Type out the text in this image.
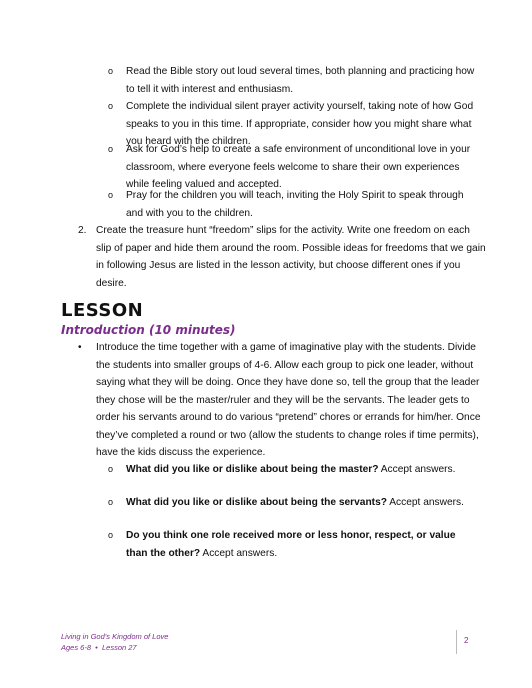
o Read the Bible story out loud several times, both planning and practicing how to tell it with interest and enthusiasm.

o Complete the individual silent prayer activity yourself, taking note of how God speaks to you in this time. If appropriate, consider how you might share what you heard with the children.

o Ask for God’s help to create a safe environment of unconditional love in your classroom, where everyone feels welcome to share their own experiences while feeling valued and accepted.

o Pray for the children you will teach, inviting the Holy Spirit to speak through and with you to the children.

2. Create the treasure hunt “freedom” slips for the activity. Write one freedom on each slip of paper and hide them around the room. Possible ideas for freedoms that we gain in following Jesus are listed in the lesson activity, but choose different ones if you desire.

LESSON
Introduction (10 minutes)
• Introduce the time together with a game of imaginative play with the students. Divide the students into smaller groups of 4-6. Allow each group to pick one leader, without saying what they will be doing. Once they have done so, tell the group that the leader they chose will be the master/ruler and they will be the servants. The leader gets to order his servants around to do various “pretend” chores or errands for him/her. Once they’ve completed a round or two (allow the students to change roles if time permits), have the kids discuss the experience.

o What did you like or dislike about being the master? Accept answers.

o What did you like or dislike about being the servants? Accept answers.

o Do you think one role received more or less honor, respect, or value than the other? Accept answers.

Living in God’s Kingdom of Love
Ages 6-8  •  Lesson 27
2
